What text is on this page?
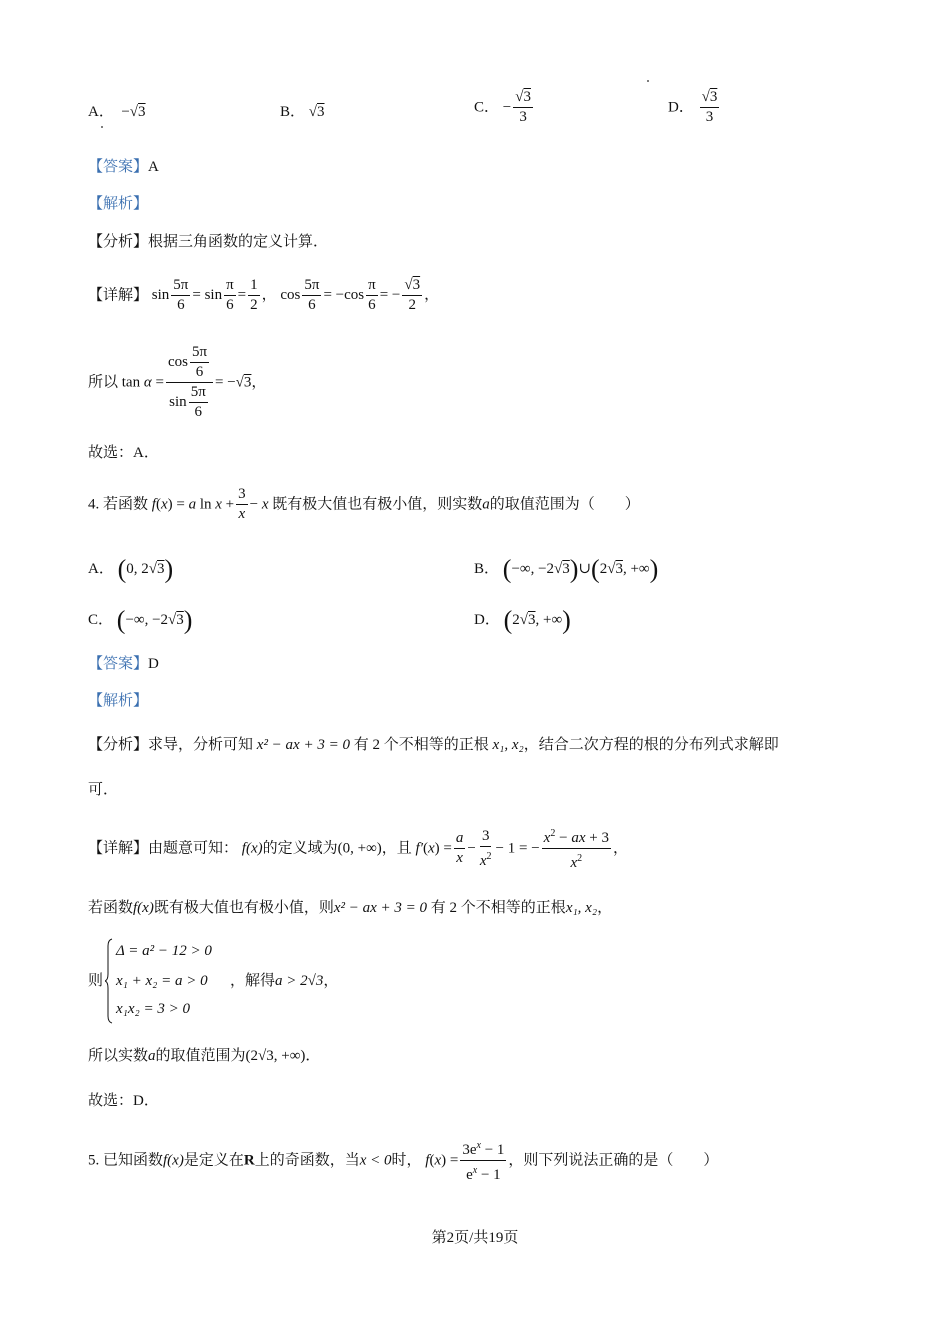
A．  −√3	B． √3	C． − $\frac{√3}{3}$	D． $\frac{√3}{3}$
【答案】A
【解析】
【分析】根据三角函数的定义计算．
【详解】 $\sin \frac{5\pi}{6} = \sin \frac{\pi}{6} = \frac{1}{2}$ ， $\cos \frac{5\pi}{6} = -\cos \frac{\pi}{6}$ = − $\frac{√3}{2}$ ，
所以 $\tan \alpha = \frac{\cos \frac{5\pi}{6}}{\sin \frac{5\pi}{6}} = -√3$，
故选：A．
4. 若函数 f(x) = a $\ln x + \frac{3}{x} - x$ 既有极大值也有极小值，则实数a的取值范围为（　　）
A． (0, 2√3)	B． (−∞, −2√3)∪(2√3, +∞)
C． (−∞, −2√3)	D． (2√3, +∞)
【答案】D
【解析】
【分析】求导，分析可知 x² − ax + 3 = 0 有 2 个不相等的正根 x₁, x₂，结合二次方程的根的分布列式求解即
可．
【详解】由题意可知： f(x)的定义域为(0, +∞)，且 $f'(x) = \frac{a}{x} - \frac{3}{x^2} - 1$ = − $\frac{x^2 - ax + 3}{x^2}$ ，
若函数f(x)既有极大值也有极小值，则x² − ax + 3 = 0 有 2 个不相等的正根x₁, x₂，
则
Δ = a² − 12 > 0
x₁ + x₂ = a > 0
x₁x₂ = 3 > 0
，解得a > 2√3，
所以实数a的取值范围为(2√3, +∞)．
故选：D．
5. 已知函数f(x)是定义在R上的奇函数，当x < 0时， $f(x) = \frac{3e^x - 1}{e^x - 1}$ ，则下列说法正确的是（　　）
第2页/共19页
